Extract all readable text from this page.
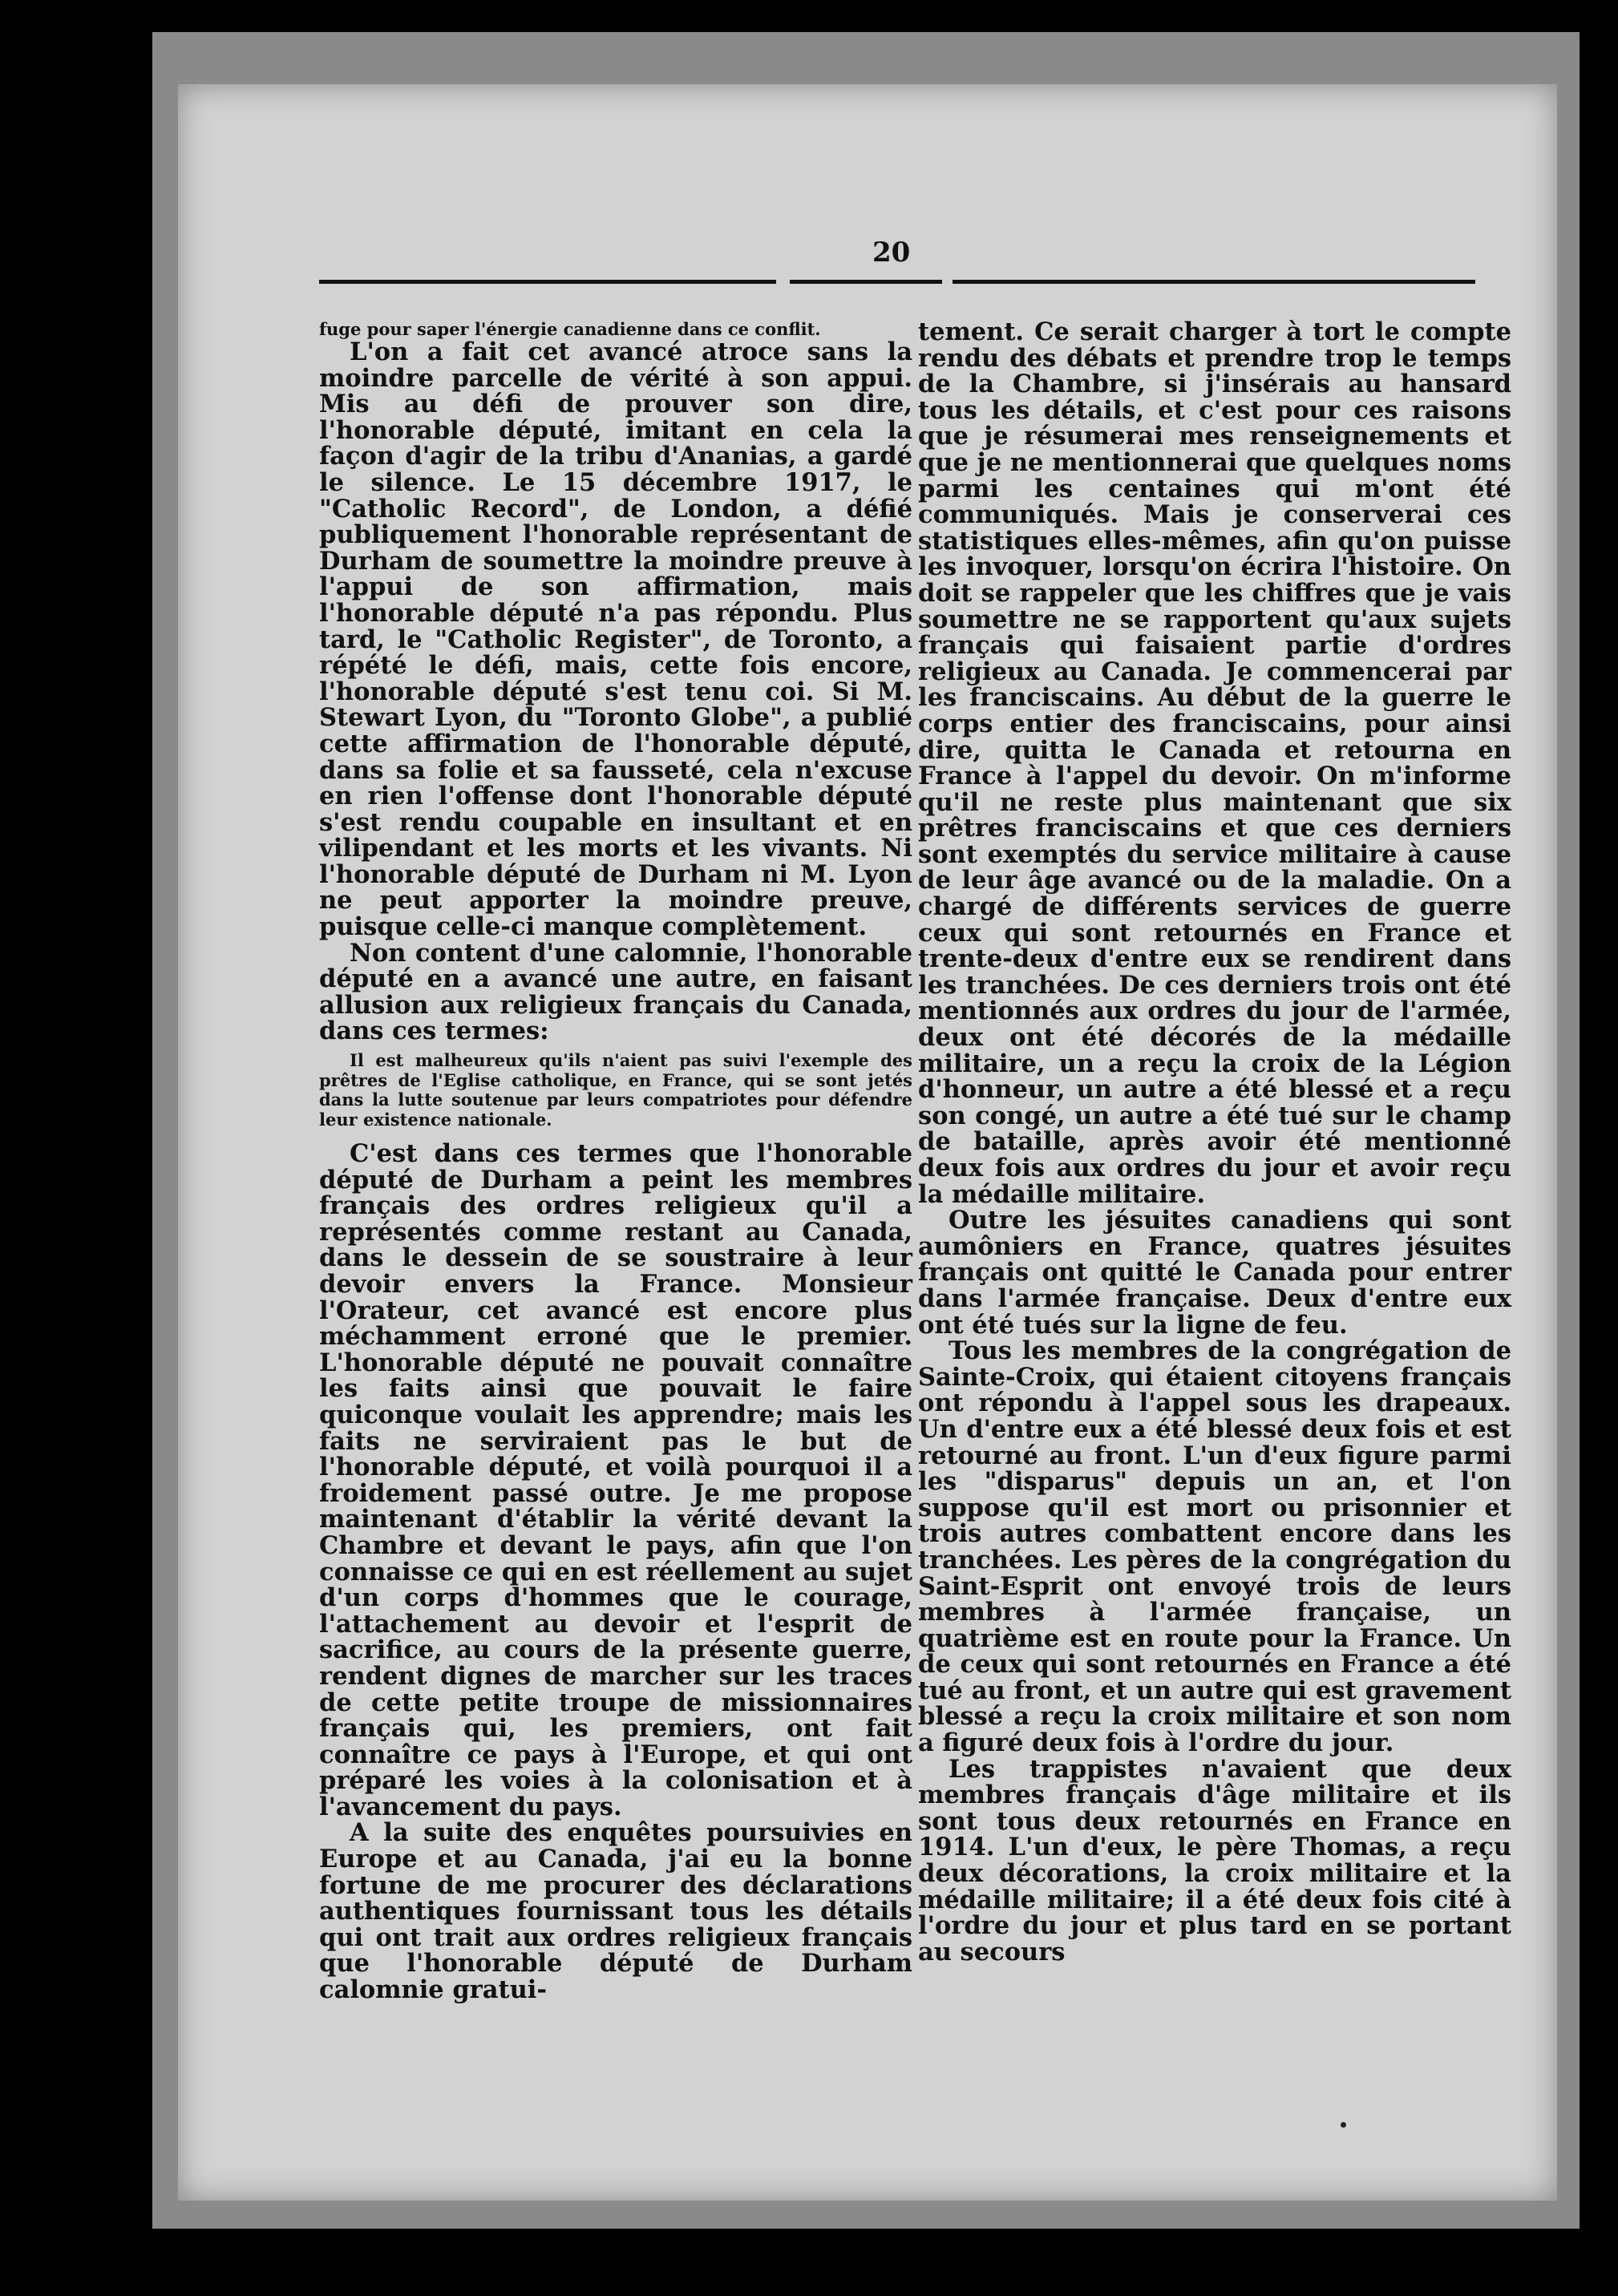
20

fuge pour saper l'énergie canadienne dans ce conflit.

L'on a fait cet avancé atroce sans la moindre parcelle de vérité à son appui. Mis au défi de prouver son dire, l'honorable député, imitant en cela la façon d'agir de la tribu d'Ananias, a gardé le silence. Le 15 décembre 1917, le "Catholic Record", de London, a défié publiquement l'honorable représentant de Durham de soumettre la moindre preuve à l'appui de son affirmation, mais l'honorable député n'a pas répondu. Plus tard, le "Catholic Register", de Toronto, a répété le défi, mais, cette fois encore, l'honorable député s'est tenu coi. Si M. Stewart Lyon, du "Toronto Globe", a publié cette affirmation de l'honorable député, dans sa folie et sa fausseté, cela n'excuse en rien l'offense dont l'honorable député s'est rendu coupable en insultant et en vilipendant et les morts et les vivants. Ni l'honorable député de Durham ni M. Lyon ne peut apporter la moindre preuve, puisque celle-ci manque complètement.

Non content d'une calomnie, l'honorable député en a avancé une autre, en faisant allusion aux religieux français du Canada, dans ces termes:

Il est malheureux qu'ils n'aient pas suivi l'exemple des prêtres de l'Eglise catholique, en France, qui se sont jetés dans la lutte soutenue par leurs compatriotes pour défendre leur existence nationale.

C'est dans ces termes que l'honorable député de Durham a peint les membres français des ordres religieux qu'il a représentés comme restant au Canada, dans le dessein de se soustraire à leur devoir envers la France. Monsieur l'Orateur, cet avancé est encore plus méchamment erroné que le premier. L'honorable député ne pouvait connaître les faits ainsi que pouvait le faire quiconque voulait les apprendre; mais les faits ne serviraient pas le but de l'honorable député, et voilà pourquoi il a froidement passé outre. Je me propose maintenant d'établir la vérité devant la Chambre et devant le pays, afin que l'on connaisse ce qui en est réellement au sujet d'un corps d'hommes que le courage, l'attachement au devoir et l'esprit de sacrifice, au cours de la présente guerre, rendent dignes de marcher sur les traces de cette petite troupe de missionnaires français qui, les premiers, ont fait connaître ce pays à l'Europe, et qui ont préparé les voies à la colonisation et à l'avancement du pays.

A la suite des enquêtes poursuivies en Europe et au Canada, j'ai eu la bonne fortune de me procurer des déclarations authentiques fournissant tous les détails qui ont trait aux ordres religieux français que l'honorable député de Durham calomnie gratui-

tement. Ce serait charger à tort le compte rendu des débats et prendre trop le temps de la Chambre, si j'insérais au hansard tous les détails, et c'est pour ces raisons que je résumerai mes renseignements et que je ne mentionnerai que quelques noms parmi les centaines qui m'ont été communiqués. Mais je conserverai ces statistiques elles-mêmes, afin qu'on puisse les invoquer, lorsqu'on écrira l'histoire. On doit se rappeler que les chiffres que je vais soumettre ne se rapportent qu'aux sujets français qui faisaient partie d'ordres religieux au Canada. Je commencerai par les franciscains. Au début de la guerre le corps entier des franciscains, pour ainsi dire, quitta le Canada et retourna en France à l'appel du devoir. On m'informe qu'il ne reste plus maintenant que six prêtres franciscains et que ces derniers sont exemptés du service militaire à cause de leur âge avancé ou de la maladie. On a chargé de différents services de guerre ceux qui sont retournés en France et trente-deux d'entre eux se rendirent dans les tranchées. De ces derniers trois ont été mentionnés aux ordres du jour de l'armée, deux ont été décorés de la médaille militaire, un a reçu la croix de la Légion d'honneur, un autre a été blessé et a reçu son congé, un autre a été tué sur le champ de bataille, après avoir été mentionné deux fois aux ordres du jour et avoir reçu la médaille militaire.

Outre les jésuites canadiens qui sont aumôniers en France, quatres jésuites français ont quitté le Canada pour entrer dans l'armée française. Deux d'entre eux ont été tués sur la ligne de feu.

Tous les membres de la congrégation de Sainte-Croix, qui étaient citoyens français ont répondu à l'appel sous les drapeaux. Un d'entre eux a été blessé deux fois et est retourné au front. L'un d'eux figure parmi les "disparus" depuis un an, et l'on suppose qu'il est mort ou prisonnier et trois autres combattent encore dans les tranchées. Les pères de la congrégation du Saint-Esprit ont envoyé trois de leurs membres à l'armée française, un quatrième est en route pour la France. Un de ceux qui sont retournés en France a été tué au front, et un autre qui est gravement blessé a reçu la croix militaire et son nom a figuré deux fois à l'ordre du jour.

Les trappistes n'avaient que deux membres français d'âge militaire et ils sont tous deux retournés en France en 1914. L'un d'eux, le père Thomas, a reçu deux décorations, la croix militaire et la médaille militaire; il a été deux fois cité à l'ordre du jour et plus tard en se portant au secours
